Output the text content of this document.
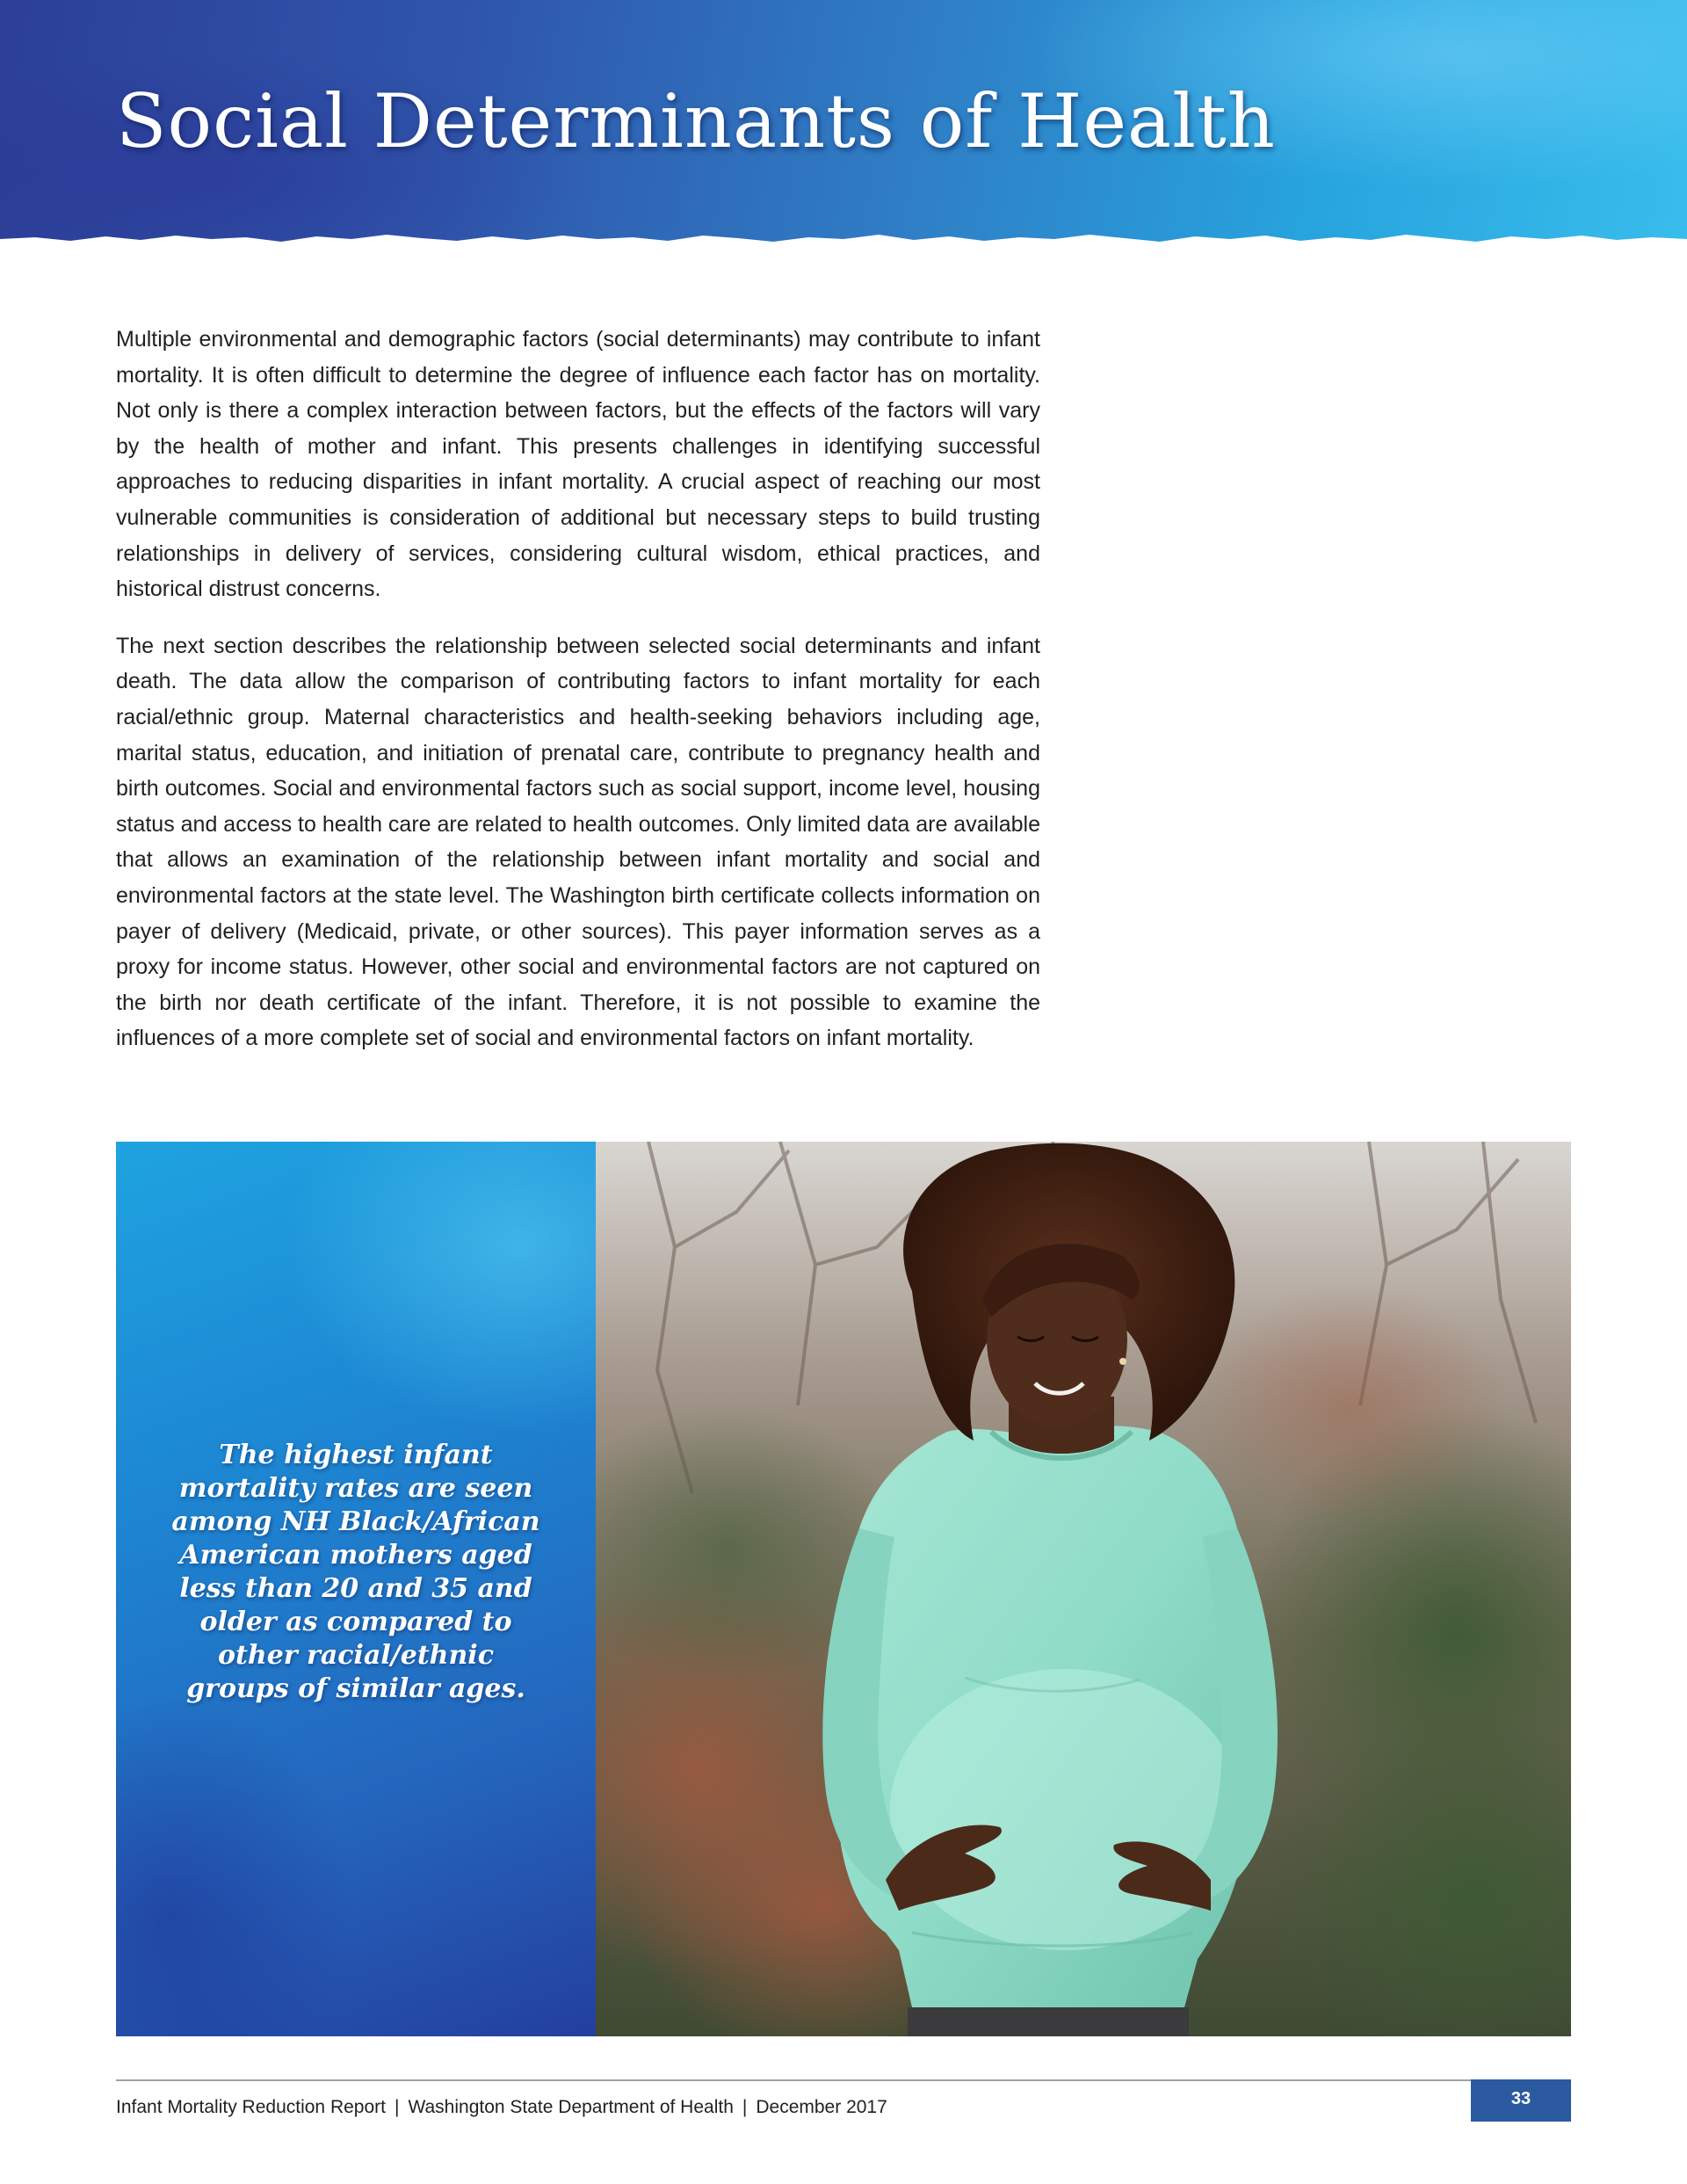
Social Determinants of Health

Multiple environmental and demographic factors (social determinants) may contribute to infant mortality. It is often difficult to determine the degree of influence each factor has on mortality. Not only is there a complex interaction between factors, but the effects of the factors will vary by the health of mother and infant. This presents challenges in identifying successful approaches to reducing disparities in infant mortality. A crucial aspect of reaching our most vulnerable communities is consideration of additional but necessary steps to build trusting relationships in delivery of services, considering cultural wisdom, ethical practices, and historical distrust concerns.

The next section describes the relationship between selected social determinants and infant death. The data allow the comparison of contributing factors to infant mortality for each racial/ethnic group. Maternal characteristics and health-seeking behaviors including age, marital status, education, and initiation of prenatal care, contribute to pregnancy health and birth outcomes. Social and environmental factors such as social support, income level, housing status and access to health care are related to health outcomes. Only limited data are available that allows an examination of the relationship between infant mortality and social and environmental factors at the state level. The Washington birth certificate collects information on payer of delivery (Medicaid, private, or other sources). This payer information serves as a proxy for income status. However, other social and environmental factors are not captured on the birth nor death certificate of the infant. Therefore, it is not possible to examine the influences of a more complete set of social and environmental factors on infant mortality.

The highest infant mortality rates are seen among NH Black/African American mothers aged less than 20 and 35 and older as compared to other racial/ethnic groups of similar ages.

Infant Mortality Reduction Report | Washington State Department of Health | December 2017	33
